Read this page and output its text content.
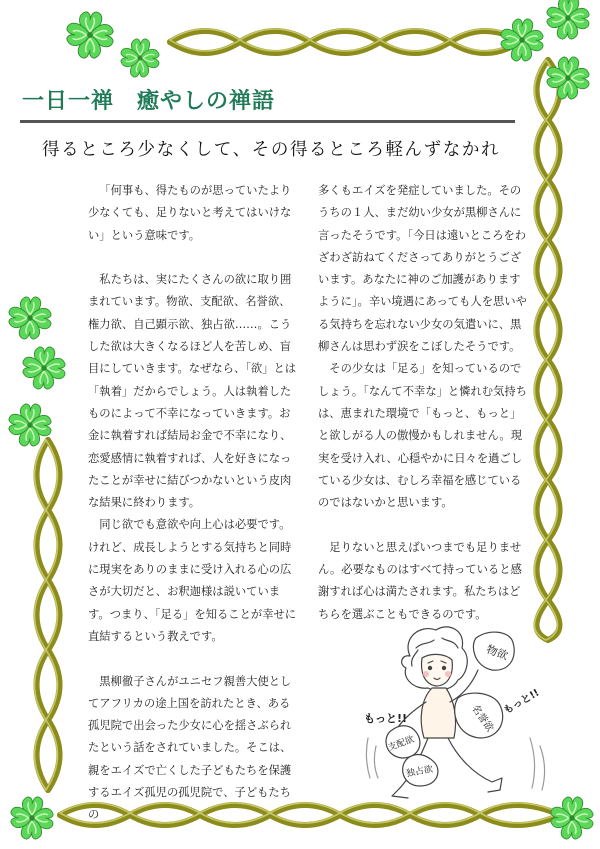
一日一禅　癒やしの禅語
得るところ少なくして、その得るところ軽んずなかれ

「何事も、得たものが思っていたより少なくても、足りないと考えてはいけない」という意味です。

私たちは、実にたくさんの欲に取り囲まれています。物欲、支配欲、名誉欲、権力欲、自己顕示欲、独占欲……。こうした欲は大きくなるほど人を苦しめ、盲目にしていきます。なぜなら、「欲」とは「執着」だからでしょう。人は執着したものによって不幸になっていきます。お金に執着すれば結局お金で不幸になり、恋愛感情に執着すれば、人を好きになったことが幸せに結びつかないという皮肉な結果に終わります。

同じ欲でも意欲や向上心は必要です。けれど、成長しようとする気持ちと同時に現実をありのままに受け入れる心の広さが大切だと、お釈迦様は説いています。つまり、「足る」を知ることが幸せに直結するという教えです。

黒柳徹子さんがユニセフ親善大使としてアフリカの途上国を訪れたとき、ある孤児院で出会った少女に心を揺さぶられたという話をされていました。そこは、親をエイズで亡くした子どもたちを保護するエイズ孤児の孤児院で、子どもたちの

多くもエイズを発症していました。そのうちの１人、まだ幼い少女が黒柳さんに言ったそうです。「今日は遠いところをわざわざ訪ねてくださってありがとうございます。あなたに神のご加護がありますように」。辛い境遇にあっても人を思いやる気持ちを忘れない少女の気遣いに、黒柳さんは思わず涙をこぼしたそうです。

その少女は「足る」を知っているのでしょう。「なんて不幸な」と憐れむ気持ちは、恵まれた環境で「もっと、もっと」と欲しがる人の傲慢かもしれません。現実を受け入れ、心穏やかに日々を過ごしている少女は、むしろ幸福を感じているのではないかと思います。

足りないと思えばいつまでも足りません。必要なものはすべて持っていると感謝すれば心は満たされます。私たちはどちらを選ぶこともできるのです。

物欲
名誉欲
支配欲
独占欲
もっと!!
もっと!!
